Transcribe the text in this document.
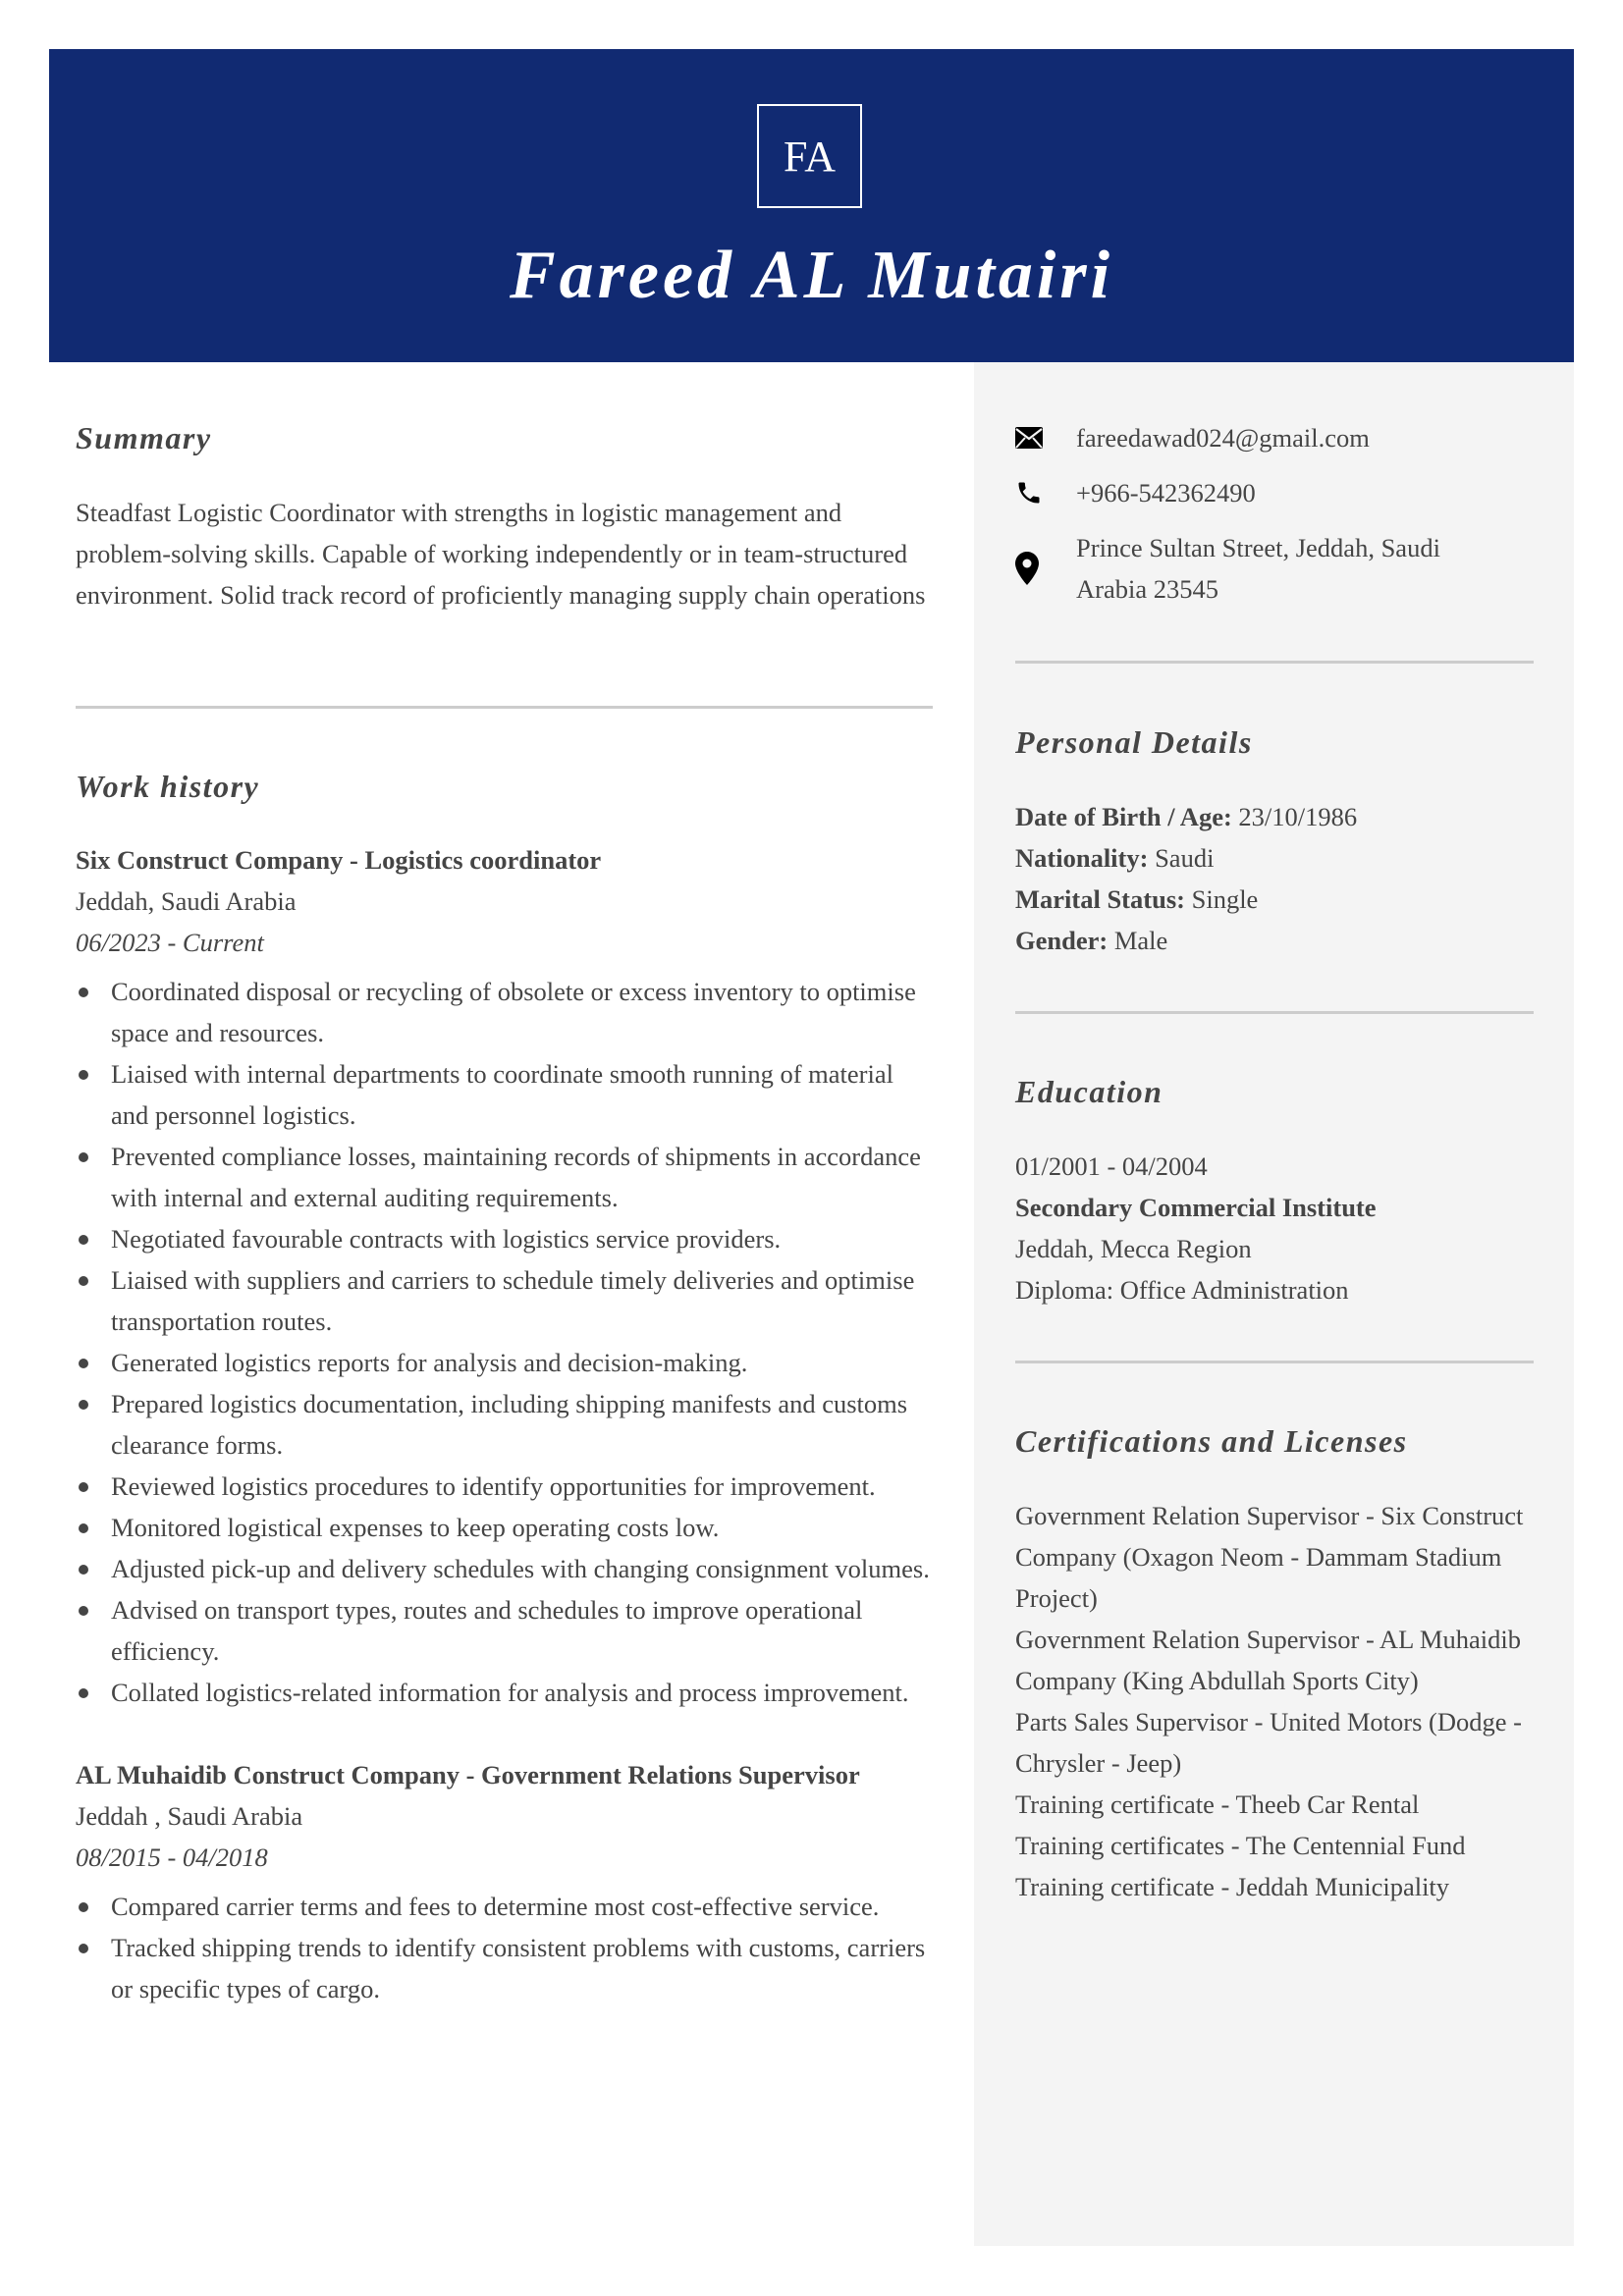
FA
Fareed AL Mutairi
Summary
Steadfast Logistic Coordinator with strengths in logistic management and problem-solving skills. Capable of working independently or in team-structured environment. Solid track record of proficiently managing supply chain operations
Work history
Six Construct Company - Logistics coordinator
Jeddah, Saudi Arabia
06/2023 - Current
Coordinated disposal or recycling of obsolete or excess inventory to optimise space and resources.
Liaised with internal departments to coordinate smooth running of material and personnel logistics.
Prevented compliance losses, maintaining records of shipments in accordance with internal and external auditing requirements.
Negotiated favourable contracts with logistics service providers.
Liaised with suppliers and carriers to schedule timely deliveries and optimise transportation routes.
Generated logistics reports for analysis and decision-making.
Prepared logistics documentation, including shipping manifests and customs clearance forms.
Reviewed logistics procedures to identify opportunities for improvement.
Monitored logistical expenses to keep operating costs low.
Adjusted pick-up and delivery schedules with changing consignment volumes.
Advised on transport types, routes and schedules to improve operational efficiency.
Collated logistics-related information for analysis and process improvement.
AL Muhaidib Construct Company - Government Relations Supervisor
Jeddah , Saudi Arabia
08/2015 - 04/2018
Compared carrier terms and fees to determine most cost-effective service.
Tracked shipping trends to identify consistent problems with customs, carriers or specific types of cargo.
fareedawad024@gmail.com
+966-542362490
Prince Sultan Street, Jeddah, Saudi Arabia 23545
Personal Details
Date of Birth / Age: 23/10/1986
Nationality: Saudi
Marital Status: Single
Gender: Male
Education
01/2001 - 04/2004
Secondary Commercial Institute
Jeddah, Mecca Region
Diploma: Office Administration
Certifications and Licenses
Government Relation Supervisor - Six Construct Company (Oxagon Neom - Dammam Stadium Project)
Government Relation Supervisor - AL Muhaidib Company (King Abdullah Sports City)
Parts Sales Supervisor - United Motors (Dodge - Chrysler - Jeep)
Training certificate - Theeb Car Rental
Training certificates - The Centennial Fund
Training certificate - Jeddah Municipality
